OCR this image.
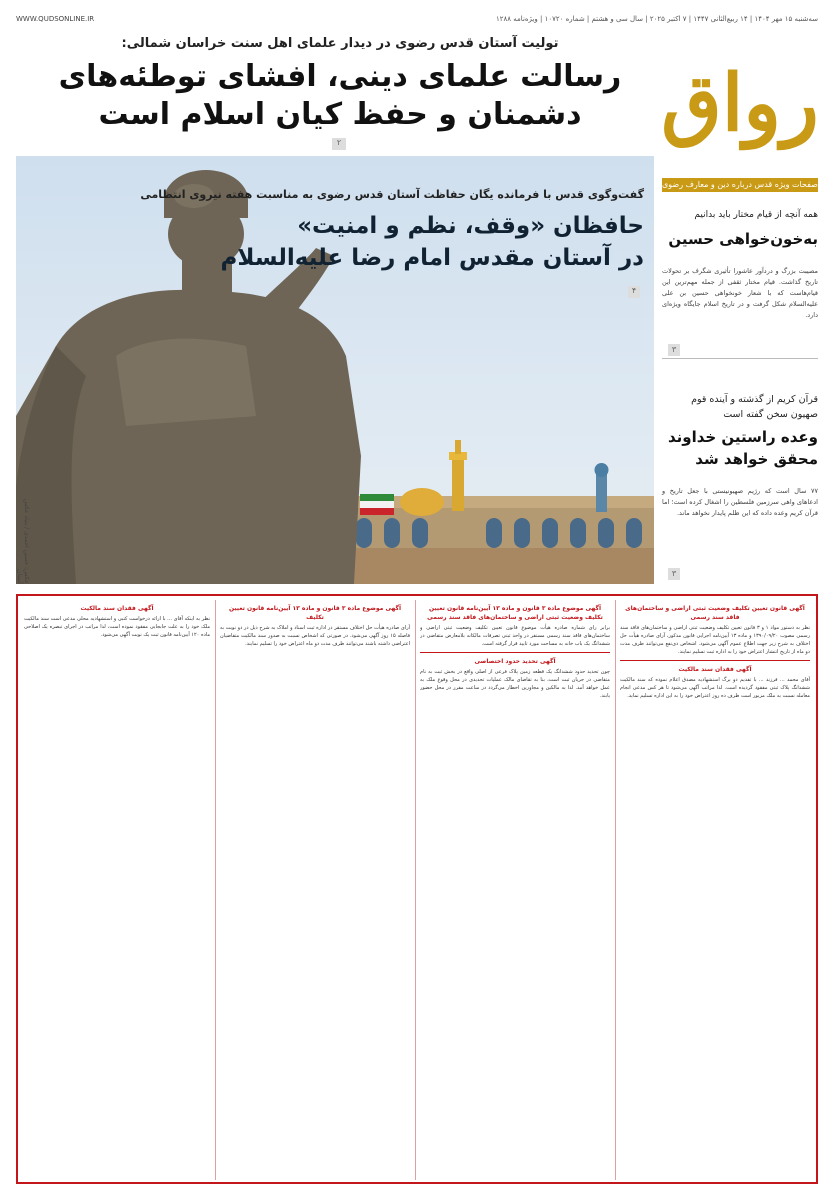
سه‌شنبه ۱۵ مهر ۱۴۰۴ | ۱۴ ربیع‌الثانی ۱۴۴۷ | ۷ اکتبر ۲۰۲۵ | سال سی و هشتم | شماره ۱۰۷۲۰ | ویژه‌نامه ۱۲۸۸
WWW.QUDSONLINE.IR
رواق
صفحات ویژه قدس درباره دین و معارف رضوی
تولیت آستان قدس رضوی در دیدار علمای اهل سنت خراسان شمالی:
رسالت علمای دینی، افشای توطئه‌های
دشمنان و حفظ کیان اسلام است
۲
گفت‌وگوی قدس با فرمانده یگان حفاظت آستان قدس رضوی به مناسبت هفته نیروی انتظامی
حافظان «وقف، نظم و امنیت»
در آستان مقدس امام رضا علیه‌السلام
۴
عکس: حسین احمدی / بنیاد عکس آستان
همه آنچه از قیام مختار باید بدانیم
به‌خون‌خواهی حسین
مصیبت بزرگ و دردآور عاشورا تأثیری شگرف بر تحولات تاریخ گذاشت. قیام مختار ثقفی از جمله مهم‌ترین این قیام‌هاست که با شعار خونخواهی حسین بن علی علیه‌السلام شکل گرفت و در تاریخ اسلام جایگاه ویژه‌ای دارد.
۳
قرآن کریم از گذشته و آینده قوم صهیون سخن گفته است
وعده راستین خداوند محقق خواهد شد
۷۷ سال است که رژیم صهیونیستی با جعل تاریخ و ادعاهای واهی سرزمین فلسطین را اشغال کرده است؛ اما قرآن کریم وعده داده که این ظلم پایدار نخواهد ماند.
۳
آگهی قانون تعیین تکلیف وضعیت ثبتی اراضی و ساختمان‌های فاقد سند رسمی

نظر به دستور مواد ۱ و ۳ قانون تعیین تکلیف وضعیت ثبتی اراضی و ساختمان‌های فاقد سند رسمی مصوب ۱۳۹۰/۰۹/۲۰ و ماده ۱۳ آیین‌نامه اجرایی قانون مذکور، آرای صادره هیأت حل اختلاف به شرح زیر جهت اطلاع عموم آگهی می‌شود. اشخاص ذی‌نفع می‌توانند ظرف مدت دو ماه از تاریخ انتشار اعتراض خود را به اداره ثبت تسلیم نمایند.

آگهی فقدان سند مالکیت

آقای محمد ... فرزند ... با تقدیم دو برگ استشهادیه مصدق اعلام نموده که سند مالکیت ششدانگ پلاک ثبتی مفقود گردیده است. لذا مراتب آگهی می‌شود تا هر کس مدعی انجام معامله نسبت به ملک مزبور است ظرف ده روز اعتراض خود را به این اداره تسلیم نماید.

آگهی موضوع ماده ۳ قانون و ماده ۱۳ آیین‌نامه قانون تعیین تکلیف وضعیت ثبتی اراضی و ساختمان‌های فاقد سند رسمی

برابر رای شماره صادره هیأت موضوع قانون تعیین تکلیف وضعیت ثبتی اراضی و ساختمان‌های فاقد سند رسمی مستقر در واحد ثبتی تصرفات مالکانه بلامعارض متقاضی در ششدانگ یک باب خانه به مساحت مورد تایید قرار گرفته است.

آگهی تحدید حدود اختصاصی

چون تحدید حدود ششدانگ یک قطعه زمین پلاک فرعی از اصلی واقع در بخش ثبت به نام متقاضی در جریان ثبت است، بنا به تقاضای مالک عملیات تحدیدی در محل وقوع ملک به عمل خواهد آمد. لذا به مالکین و مجاورین اخطار می‌گردد در ساعت مقرر در محل حضور یابند.

آگهی موضوع ماده ۳ قانون و ماده ۱۳ آیین‌نامه قانون تعیین تکلیف

آرای صادره هیأت حل اختلاف مستقر در اداره ثبت اسناد و املاک به شرح ذیل در دو نوبت به فاصله ۱۵ روز آگهی می‌شود. در صورتی که اشخاص نسبت به صدور سند مالکیت متقاضیان اعتراضی داشته باشند می‌توانند ظرف مدت دو ماه اعتراض خود را تسلیم نمایند.

آگهی فقدان سند مالکیت

نظر به اینکه آقای ... با ارائه درخواست کتبی و استشهادیه محلی مدعی است سند مالکیت ملک خود را به علت جابجایی مفقود نموده است، لذا مراتب در اجرای تبصره یک اصلاحی ماده ۱۲۰ آیین‌نامه قانون ثبت یک نوبت آگهی می‌شود.
